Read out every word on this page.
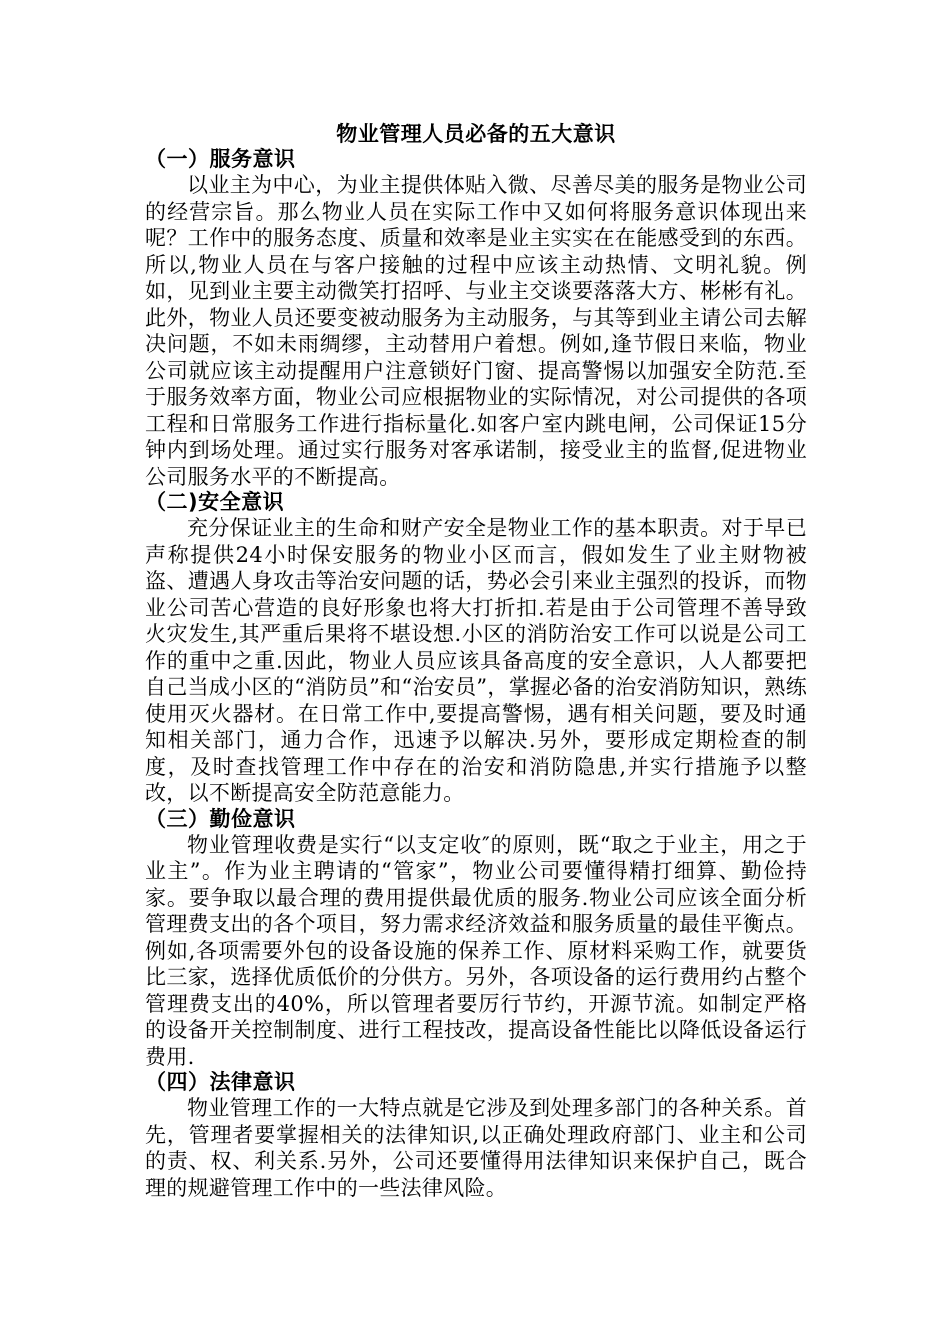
物业管理人员必备的五大意识
（一）服务意识

以业主为中心，为业主提供体贴入微、尽善尽美的服务是物业公司的经营宗旨。那么物业人员在实际工作中又如何将服务意识体现出来呢？工作中的服务态度、质量和效率是业主实实在在能感受到的东西。所以,物业人员在与客户接触的过程中应该主动热情、文明礼貌。例如，见到业主要主动微笑打招呼、与业主交谈要落落大方、彬彬有礼。此外，物业人员还要变被动服务为主动服务，与其等到业主请公司去解决问题，不如未雨绸缪，主动替用户着想。例如,逢节假日来临，物业公司就应该主动提醒用户注意锁好门窗、提高警惕以加强安全防范.至于服务效率方面，物业公司应根据物业的实际情况，对公司提供的各项工程和日常服务工作进行指标量化.如客户室内跳电闸，公司保证15分钟内到场处理。通过实行服务对客承诺制，接受业主的监督,促进物业公司服务水平的不断提高。

（二)安全意识

充分保证业主的生命和财产安全是物业工作的基本职责。对于早已声称提供24小时保安服务的物业小区而言，假如发生了业主财物被盗、遭遇人身攻击等治安问题的话，势必会引来业主强烈的投诉，而物业公司苦心营造的良好形象也将大打折扣.若是由于公司管理不善导致火灾发生,其严重后果将不堪设想.小区的消防治安工作可以说是公司工作的重中之重.因此，物业人员应该具备高度的安全意识，人人都要把自己当成小区的“消防员”和“治安员”，掌握必备的治安消防知识，熟练使用灭火器材。在日常工作中,要提高警惕，遇有相关问题，要及时通知相关部门，通力合作，迅速予以解决.另外，要形成定期检查的制度，及时查找管理工作中存在的治安和消防隐患,并实行措施予以整改，以不断提高安全防范意能力。

（三）勤俭意识

物业管理收费是实行“以支定收″的原则，既“取之于业主，用之于业主”。作为业主聘请的“管家”，物业公司要懂得精打细算、勤俭持家。要争取以最合理的费用提供最优质的服务.物业公司应该全面分析管理费支出的各个项目，努力需求经济效益和服务质量的最佳平衡点。例如,各项需要外包的设备设施的保养工作、原材料采购工作，就要货比三家，选择优质低价的分供方。另外，各项设备的运行费用约占整个管理费支出的40%，所以管理者要厉行节约，开源节流。如制定严格的设备开关控制制度、进行工程技改，提高设备性能比以降低设备运行费用.

（四）法律意识

物业管理工作的一大特点就是它涉及到处理多部门的各种关系。首先，管理者要掌握相关的法律知识,以正确处理政府部门、业主和公司的责、权、利关系.另外，公司还要懂得用法律知识来保护自己，既合理的规避管理工作中的一些法律风险。
